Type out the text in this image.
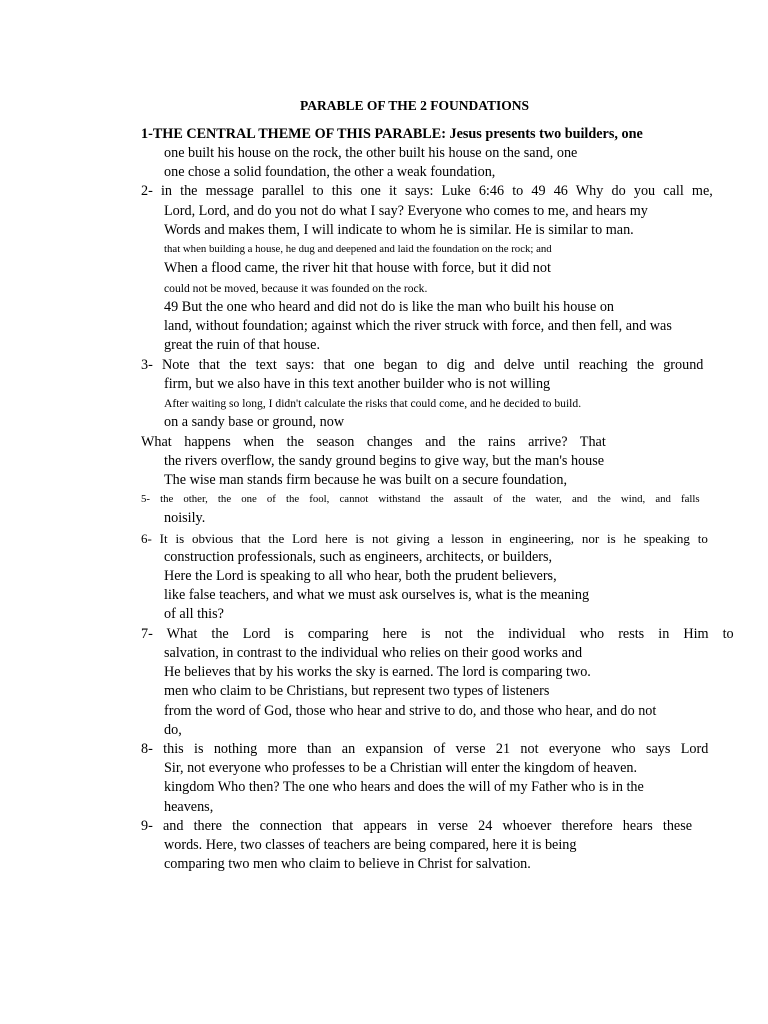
PARABLE OF THE 2 FOUNDATIONS
1-THE CENTRAL THEME OF THIS PARABLE: Jesus presents two builders, one
one built his house on the rock, the other built his house on the sand, one
one chose a solid foundation, the other a weak foundation,
2- in the message parallel to this one it says: Luke 6:46 to 49 46 Why do you call me,
Lord, Lord, and do you not do what I say? Everyone who comes to me, and hears my
Words and makes them, I will indicate to whom he is similar. He is similar to man.
that when building a house, he dug and deepened and laid the foundation on the rock; and
When a flood came, the river hit that house with force, but it did not
could not be moved, because it was founded on the rock.
49 But the one who heard and did not do is like the man who built his house on
land, without foundation; against which the river struck with force, and then fell, and was
great the ruin of that house.
3- Note that the text says: that one began to dig and delve until reaching the ground
firm, but we also have in this text another builder who is not willing
After waiting so long, I didn't calculate the risks that could come, and he decided to build.
on a sandy base or ground, now
What happens when the season changes and the rains arrive? That
the rivers overflow, the sandy ground begins to give way, but the man's house
The wise man stands firm because he was built on a secure foundation,
5- the other, the one of the fool, cannot withstand the assault of the water, and the wind, and falls
noisily.
6- It is obvious that the Lord here is not giving a lesson in engineering, nor is he speaking to
construction professionals, such as engineers, architects, or builders,
Here the Lord is speaking to all who hear, both the prudent believers,
like false teachers, and what we must ask ourselves is, what is the meaning
of all this?
7- What the Lord is comparing here is not the individual who rests in Him to
salvation, in contrast to the individual who relies on their good works and
He believes that by his works the sky is earned. The lord is comparing two.
men who claim to be Christians, but represent two types of listeners
from the word of God, those who hear and strive to do, and those who hear, and do not
do,
8- this is nothing more than an expansion of verse 21 not everyone who says Lord
Sir, not everyone who professes to be a Christian will enter the kingdom of heaven.
kingdom Who then? The one who hears and does the will of my Father who is in the
heavens,
9- and there the connection that appears in verse 24 whoever therefore hears these
words. Here, two classes of teachers are being compared, here it is being
comparing two men who claim to believe in Christ for salvation.
